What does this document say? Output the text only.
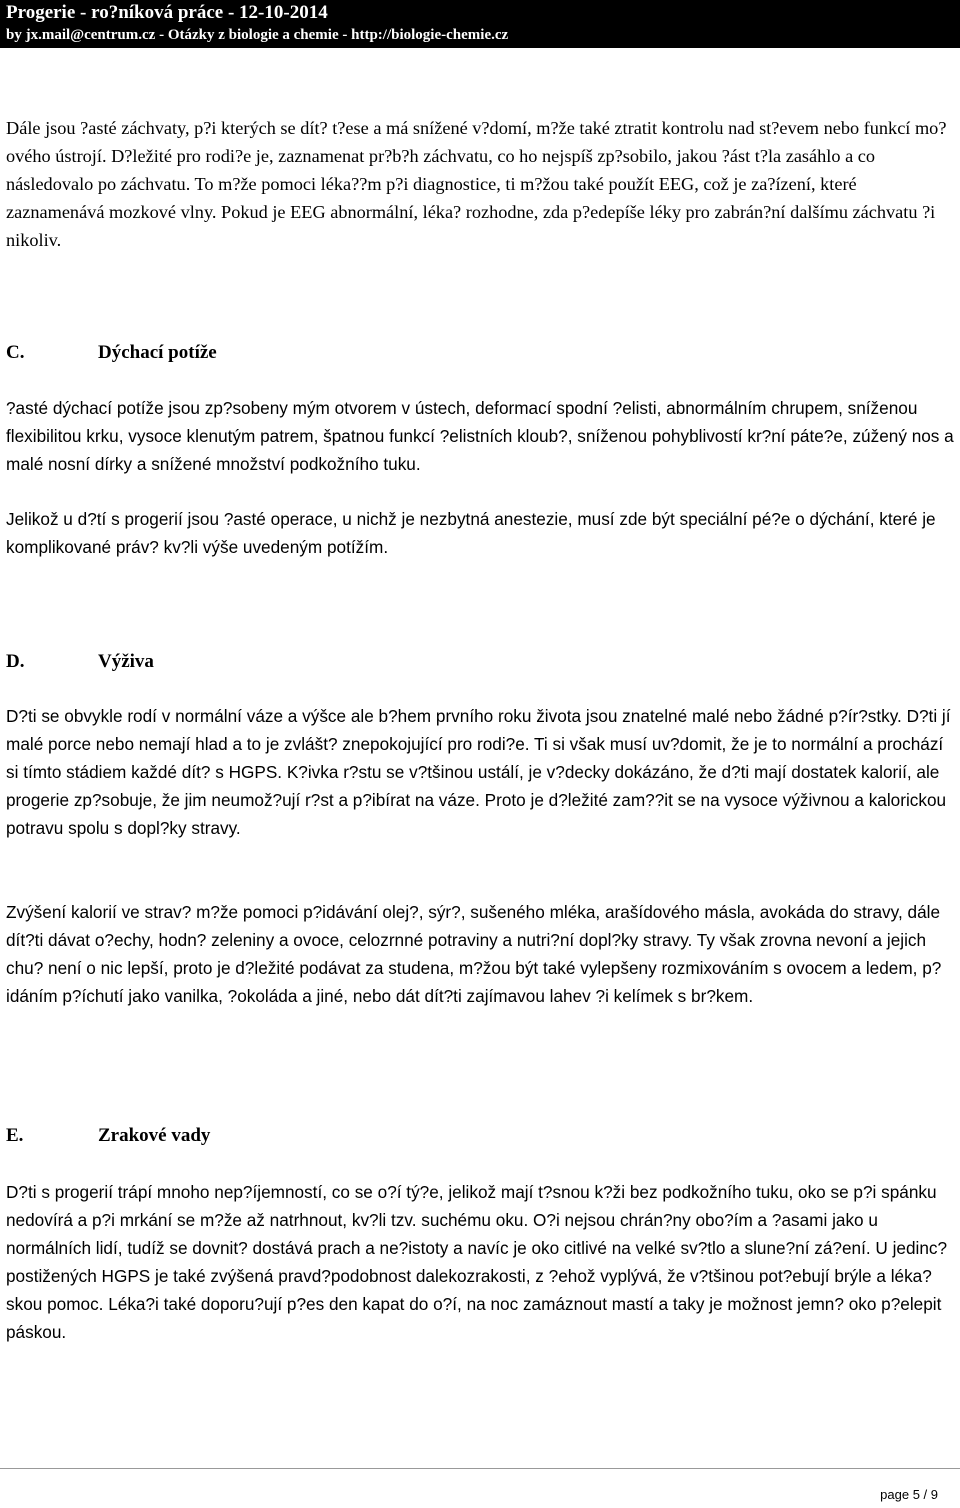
Progerie - ro?níková práce - 12-10-2014
by jx.mail@centrum.cz - Otázky z biologie a chemie - http://biologie-chemie.cz

Dále jsou ?asté záchvaty, p?i kterých se dít? t?ese a má snížené v?domí, m?že také ztratit kontrolu nad st?evem nebo funkcí mo?ového ústrojí. D?ležité pro rodi?e je, zaznamenat pr?b?h záchvatu, co ho nejspíš zp?sobilo, jakou ?ást t?la zasáhlo a co následovalo po záchvatu. To m?že pomoci léka??m p?i diagnostice, ti m?žou také použít EEG, což je za?ízení, které zaznamenává mozkové vlny. Pokud je EEG abnormální, léka? rozhodne, zda p?edepíše léky pro zabrán?ní dalšímu záchvatu ?i nikoliv.

C.	Dýchací potíže

?asté dýchací potíže jsou zp?sobeny mým otvorem v ústech, deformací spodní ?elisti, abnormálním chrupem, sníženou flexibilitou krku, vysoce klenutým patrem, špatnou funkcí ?elistních kloub?, sníženou pohyblivostí kr?ní páte?e, zúžený nos a malé nosní dírky a snížené množství podkožního tuku.

Jelikož u d?tí s progerií jsou ?asté operace, u nichž je nezbytná anestezie, musí zde být speciální pé?e o dýchání, které je komplikované práv? kv?li výše uvedeným potížím.

D.	Výživa

D?ti se obvykle rodí v normální váze a výšce ale b?hem prvního roku života jsou znatelné malé nebo žádné p?ír?stky. D?ti jí malé porce nebo nemají hlad a to je zvlášt? znepokojující pro rodi?e. Ti si však musí uv?domit, že je to normální a prochází si tímto stádiem každé dít? s HGPS. K?ivka r?stu se v?tšinou ustálí, je v?decky dokázáno, že d?ti mají dostatek kalorií, ale progerie zp?sobuje, že jim neumož?ují r?st a p?ibírat na váze. Proto je d?ležité zam??it se na vysoce výživnou a kalorickou potravu spolu s dopl?ky stravy.

Zvýšení kalorií ve strav? m?že pomoci p?idávání olej?, sýr?, sušeného mléka, arašídového másla, avokáda do stravy, dále dít?ti dávat o?echy, hodn? zeleniny a ovoce, celozrnné potraviny a nutri?ní dopl?ky stravy. Ty však zrovna nevoní a jejich chu? není o nic lepší, proto je d?ležité podávat za studena, m?žou být také vylepšeny rozmixováním s ovocem a ledem, p?idáním p?íchutí jako vanilka, ?okoláda a jiné, nebo dát dít?ti zajímavou lahev ?i kelímek s br?kem.

E.	Zrakové vady

D?ti s progerií trápí mnoho nep?íjemností, co se o?í tý?e, jelikož mají t?snou k?ži bez podkožního tuku, oko se p?i spánku nedovírá a p?i mrkání se m?že až natrhnout, kv?li tzv. suchému oku. O?i nejsou chrán?ny obo?ím a ?asami jako u normálních lidí, tudíž se dovnit? dostává prach a ne?istoty a navíc je oko citlivé na velké sv?tlo a slune?ní zá?ení. U jedinc? postižených HGPS je také zvýšená pravd?podobnost dalekozrakosti, z ?ehož vyplývá, že v?tšinou pot?ebují brýle a léka?skou pomoc. Léka?i také doporu?ují p?es den kapat do o?í, na noc zamáznout mastí a taky je možnost jemn? oko p?elepit páskou.

page 5 / 9
